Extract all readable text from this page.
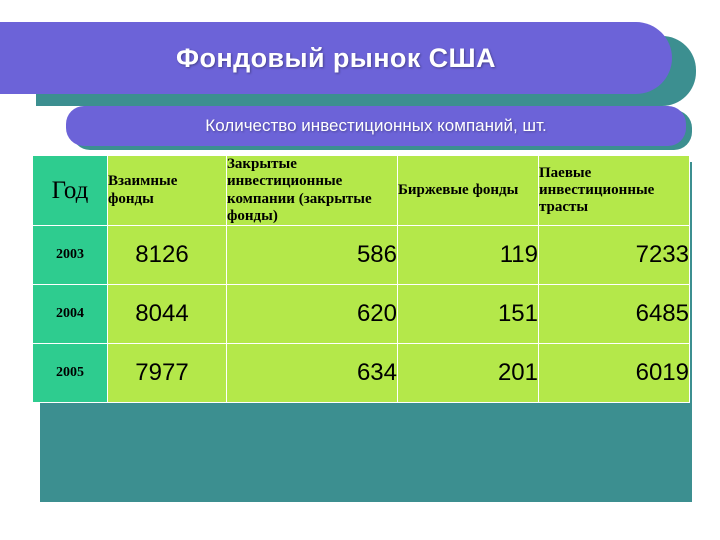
Фондовый рынок США
Количество инвестиционных компаний, шт.
Год	Взаимные фонды	Закрытые инвестиционные компании (закрытые фонды)	Биржевые фонды	Паевые инвестиционные трасты
2003	8126	586	119	7233
2004	8044	620	151	6485
2005	7977	634	201	6019
